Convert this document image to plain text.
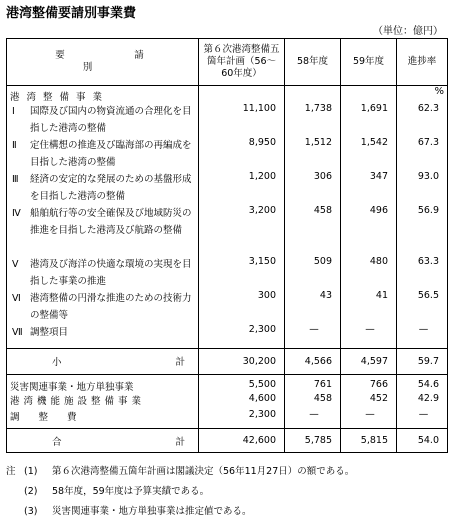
港湾整備要請別事業費
（単位：億円）
要　請　別	第６次港湾整備五箇年計画（56〜60年度）	58年度	59年度	進捗率
港湾整備事業				%

Ⅰ 国際及び国内の物資流通の合理化を目指した港湾の整備	11,100	1,738	1,691	62.3

Ⅱ 定住構想の推進及び臨海部の再編成を目指した港湾の整備	8,950	1,512	1,542	67.3

Ⅲ 経済の安定的な発展のための基盤形成を目指した港湾の整備	1,200	306	347	93.0

Ⅳ 船舶航行等の安全確保及び地域防災の推進を目指した港湾及び航路の整備	3,200	458	496	56.9

Ⅴ 港湾及び海洋の快適な環境の実現を目指した事業の推進	3,150	509	480	63.3

Ⅵ 港湾整備の円滑な推進のための技術力の整備等	300	43	41	56.5

Ⅶ 調整項目	2,300	—	—	—

小 計	30,200	4,566	4,597	59.7
災害関連事業・地方単独事業	5,500	761	766	54.6
港湾機能施設整備事業	4,600	458	452	42.9
調　　整　　費	2,300	—	—	—

合 計	42,600	5,785	5,815	54.0
注 (1)	第６次港湾整備五箇年計画は閣議決定（56年11月27日）の額である。
(2)	58年度，59年度は予算実績である。
(3)	災害関連事業・地方単独事業は推定値である。
